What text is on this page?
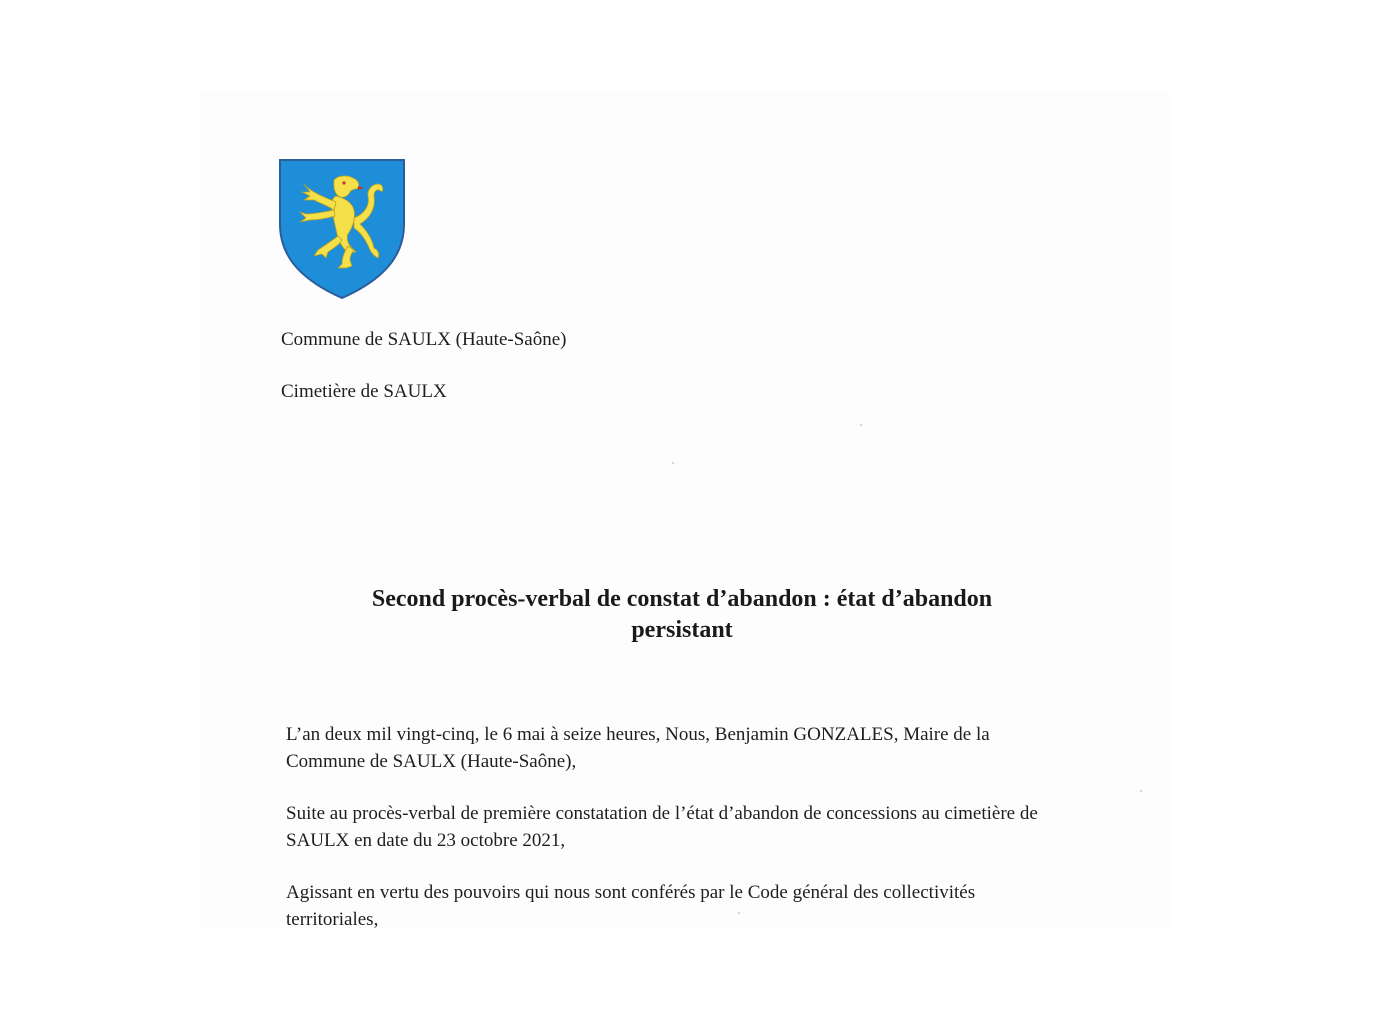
Commune de SAULX (Haute-Saône)
Cimetière de SAULX
Second procès-verbal de constat d’abandon : état d’abandon
persistant
L’an deux mil vingt-cinq, le 6 mai à seize heures, Nous, Benjamin GONZALES, Maire de la
Commune de SAULX (Haute-Saône),
Suite au procès-verbal de première constatation de l’état d’abandon de concessions au cimetière de
SAULX en date du 23 octobre 2021,
Agissant en vertu des pouvoirs qui nous sont conférés par le Code général des collectivités
territoriales,
